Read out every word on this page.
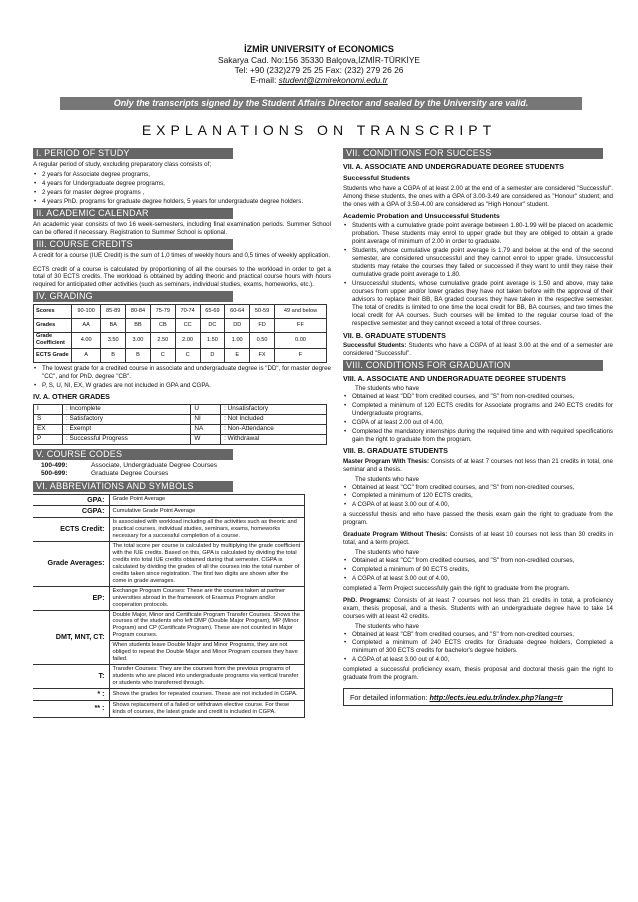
İZMİR UNIVERSITY of ECONOMICS
Sakarya Cad. No:156 35330 Balçova,İZMİR-TÜRKİYE
Tel: +90 (232)279 25 25 Fax: (232) 279 26 26
E-mail: student@izmirekonomi.edu.tr
Only the transcripts signed by the Student Affairs Director and sealed by the University are valid.
EXPLANATIONS ON TRANSCRIPT
I. PERIOD OF STUDY

A regular period of study, excluding preparatory class consists of;

• 2 years for Associate degree programs,
• 4 years for Undergraduate degree programs,
• 2 years for master degree programs ,
• 4 years PhD. programs for graduate degree holders, 5 years for undergraduate degree holders.
II. ACADEMIC CALENDAR

An academic year consists of two 16 week-semesters, including final examination periods. Summer School can be offered if necessary. Registration to Summer School is optional.

III. COURSE CREDITS

A credit for a course (IUE Credit) is the sum of 1,0 times of weekly hours and 0,5 times of weekly application.

ECTS credit of a course is calculated by proportioning of all the courses to the workload in order to get a total of 30 ECTS credits. The workload is obtained by adding theoric and practical course hours with hours required for anticipated other activities (such as seminars, individual studies, exams, homeworks, etc.).

IV. GRADING
Scores	90-100	85-89	80-84	75-79	70-74	65-69	60-64	50-59	49 and below
Grades	AA	BA	BB	CB	CC	DC	DD	FD	FF
Grade Coefficient	4.00	3.50	3.00	2.50	2.00	1.50	1.00	0.50	0.00
ECTS Grade	A	B	B	C	C	D	E	FX	F
• The lowest grade for a credited course in associate and undergraduate degree is "DD", for master degree "CC", and for PhD. degree "CB".
• P, S, U, NI, EX, W grades are not included in GPA and CGPA.
IV. A. OTHER GRADES
I	: Incomplete	U	: Unsatisfactory
S	: Satisfactory	NI	: Not Included
EX	: Exempt	NA	: Non-Attendance
P	: Successful Progress	W	: Withdrawal
V. COURSE CODES
100-499:	Associate, Undergraduate Degree Courses
500-699:	Graduate Degree Courses
VI. ABBREVIATIONS AND SYMBOLS
GPA:	Grade Point Average
CGPA:	Cumulative Grade Point Average
ECTS Credit:	Is associated with workload including all the activities such as theoric and practical courses, individual studies, seminars, exams, homeworks necessary for a successful completion of a course.
Grade Averages:	The total score per course is calculated by multiplying the grade coefficient with the IUE credits. Based on this, GPA is calculated by dividing the total credits into total IUE credits obtained during that semester. CGPA is calculated by dividing the grades of all the courses into the total number of credits taken since registration. The first two digits are shown after the come in grade averages.
EP:	Exchange Program Courses: These are the courses taken at partner universities abroad in the framework of Erasmus Program and/or cooperation protocols.
DMT, MNT, CT:	Double Major, Minor and Certificate Program Transfer Courses. Shows the courses of the students who left DMP (Double Major Program), MP (Minor Program) and CP (Certificate Program). These are not counted in Major Program courses.
	When students leave Double Major and Minor Programs, they are not obliged to repeat the Double Major and Minor Program courses they have failed.
T:	Transfer Courses: They are the courses from the previous programs of students who are placed into undergraduate programs via vertical transfer or students who transferred through.
* :	Shows the grades for repeated courses. These are not included in CGPA.
** :	Shows replacement of a failed or withdrawn elective course. For these kinds of courses, the latest grade and credit is included in CGPA.
VII. CONDITIONS FOR SUCCESS
VII. A. ASSOCIATE AND UNDERGRADUATE DEGREE STUDENTS
Successful Students

Students who have a CGPA of at least 2.00 at the end of a semester are considered "Successful". Among these students, the ones with a GPA of 3.00-3.49 are considered as "Honour" student; and the ones with a GPA of 3.50-4.00 are considered as "High Honour" student.

Academic Probation and Unsuccessful Students
• Students with a cumulative grade point average between 1.80-1.99 will be placed on academic probation. These students may enrol to upper grade but they are obliged to obtain a grade point average of minimum of 2.00 in order to graduate.
• Students, whose cumulative grade point average is 1.79 and below at the end of the second semester, are considered unsuccessful and they cannot enrol to upper grade. Unsuccessful students may retake the courses they failed or successed if they want to until they raise their cumulative grade point average to 1.80.
• Unsuccessful students, whose cumulative grade point average is 1.50 and above, may take courses from upper and/or lower grades they have not taken before with the approval of their advisors to replace their BB, BA graded courses they have taken in the respective semester. The total of credits is limited to one time the local credit for BB, BA courses, and two times the local credit for AA courses. Such courses will be limited to the regular course load of the respective semester and they cannot exceed a total of three courses.
VII. B. GRADUATE STUDENTS

Successful Students: Students who have a CGPA of at least 3.00 at the end of a semester are considered "Successful".

VIII. CONDITIONS FOR GRADUATION
VIII. A. ASSOCIATE AND UNDERGRADUATE DEGREE STUDENTS
The students who have
• Obtained at least "DD" from credited courses, and "S" from non-credited courses,
• Completed a minimum of 120 ECTS credits for Associate programs and 240 ECTS credits for Undergraduate programs,
• CGPA of at least 2.00 out of 4.00,
• Completed the mandatory internships during the required time and with required specifications gain the right to graduate from the program.
VIII. B. GRADUATE STUDENTS

Master Program With Thesis: Consists of at least 7 courses not less than 21 credits in total, one seminar and a thesis.

The students who have
• Obtained at least "CC" from credited courses, and "S" from non-credited courses,
• Completed a minimum of 120 ECTS credits,
• A CGPA of at least 3.00 out of 4.00,

a successful thesis and who have passed the thesis exam gain the right to graduate from the program.

Graduate Program Without Thesis: Consists of at least 10 courses not less than 30 credits in total, and a term project.

The students who have
• Obtained at least "CC" from credited courses, and "S" from non-credited courses,
• Completed a minimum of 90 ECTS credits,
• A CGPA of at least 3.00 out of 4.00,

completed a Term Project successfully gain the right to graduate from the program.

PhD. Programs: Consists of at least 7 courses not less than 21 credits in total, a proficiency exam, thesis proposal, and a thesis. Students with an undergraduate degree have to take 14 courses with at least 42 credits.

The students who have
• Obtained at least "CB" from credited courses, and "S" from non-credited courses,
• Completed a minimum of 240 ECTS credits for Graduate degree holders, Completed a minimum of 300 ECTS credits for bachelor's degree holders.
• A CGPA of at least 3.00 out of 4.00,

completed a successful proficiency exam, thesis proposal and doctoral thesis gain the right to graduate from the program.

For detailed information: http://ects.ieu.edu.tr/index.php?lang=tr
